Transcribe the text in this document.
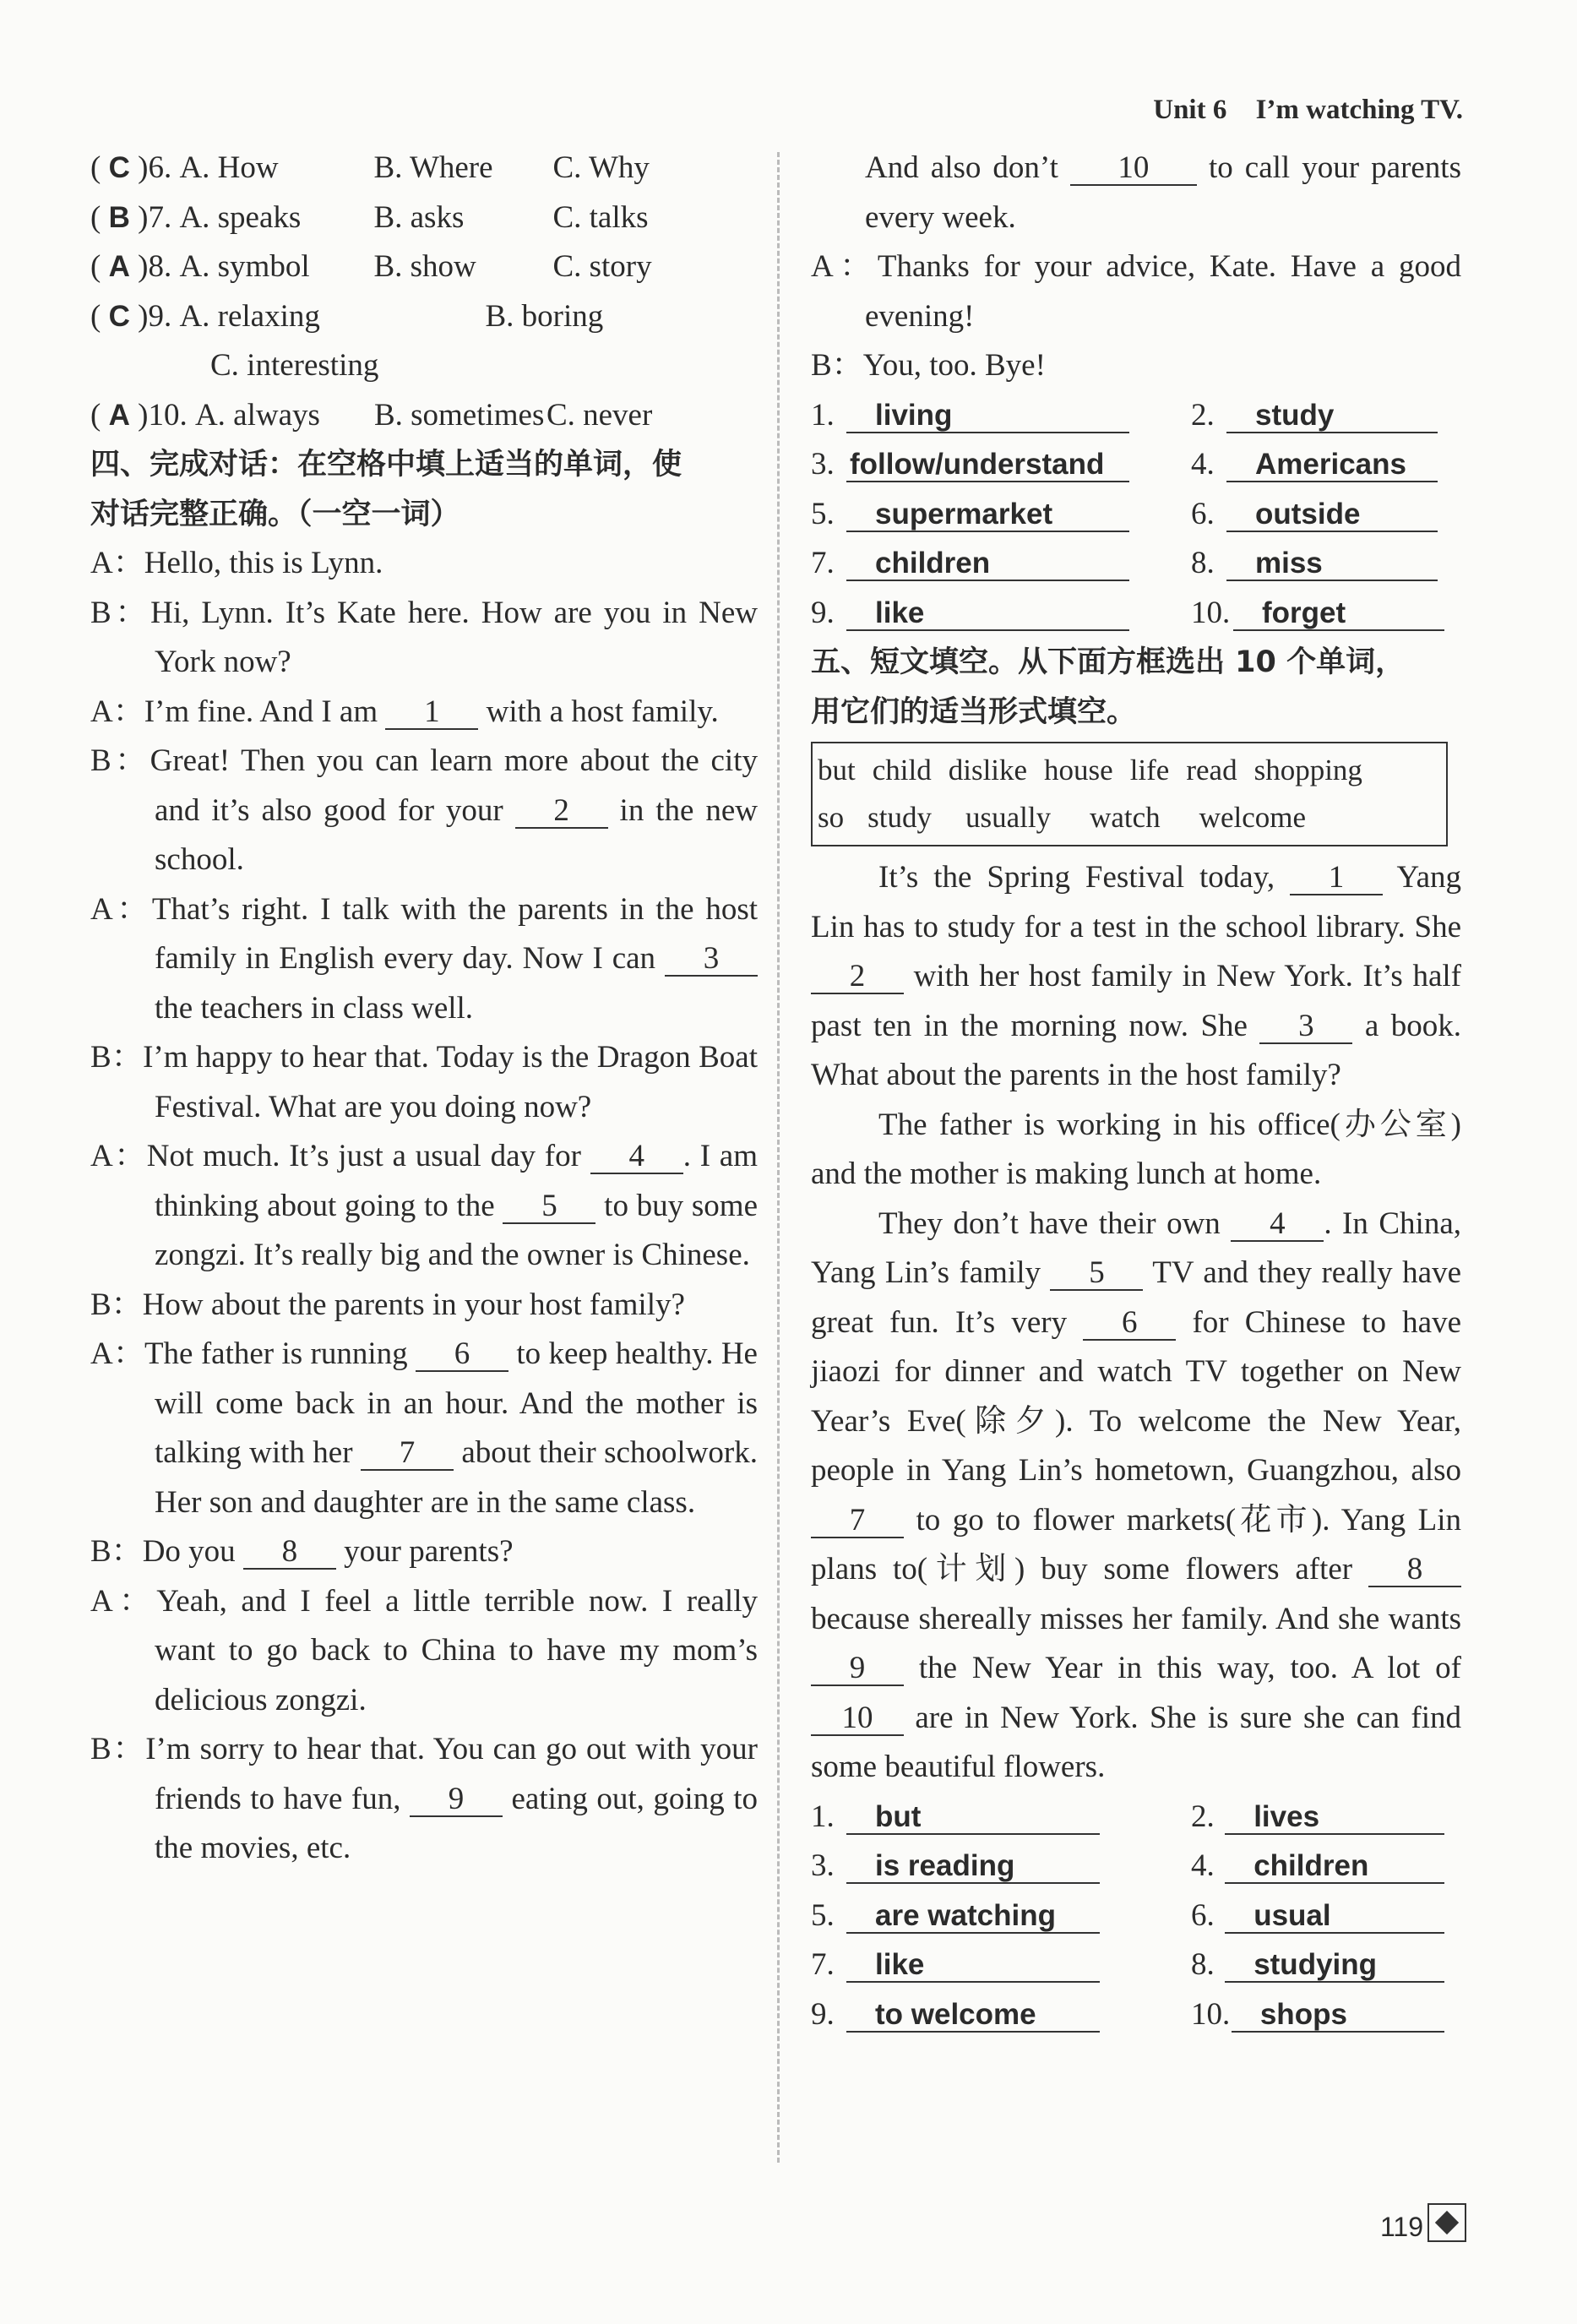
Unit 6 I’m watching TV.
( C )6. A. How	B. Where C. Why
( B )7. A. speaks B. asks	C. talks
( A )8. A. symbol B. show C. story
( C )9. A. relaxing	B. boring
C. interesting
( A )10. A. always B. sometimesC. never
四、完成对话：在空格中填上适当的单词，使
对话完整正确。（一空一词）
A：Hello, this is Lynn.
B：Hi, Lynn. It’s Kate here. How are you in New York now?
A：I’m fine. And I am 1 with a host family.
B：Great! Then you can learn more about the city and it’s also good for your 2 in the new school.
A：That’s right. I talk with the parents in the host family in English every day. Now I can 3 the teachers in class well.
B：I’m happy to hear that. Today is the Dragon Boat Festival. What are you doing now?
A：Not much. It’s just a usual day for 4 . I am thinking about going to the 5 to buy some zongzi. It’s really big and the owner is Chinese.
B：How about the parents in your host family?
A：The father is running 6 to keep healthy. He will come back in an hour. And the mother is talking with her 7 about their schoolwork. Her son and daughter are in the same class.
B：Do you 8 your parents?
A：Yeah, and I feel a little terrible now. I really want to go back to China to have my mom’s delicious zongzi.
B：I’m sorry to hear that. You can go out with your friends to have fun, 9 eating out, going to the movies, etc.
And also don’t 10 to call your parents every week.
A：Thanks for your advice, Kate. Have a good evening!
B：You, too. Bye!
1.	living	2.	study
3. follow/understand	4.	Americans
5.	supermarket	6.	outside
7.	children	8.	miss
9.	like	10.	forget
五、短文填空。从下面方框选出 10 个单词，
用它们的适当形式填空。
but child dislike house life read shopping
so study usually watch welcome
It’s the Spring Festival today, 1 Yang Lin has to study for a test in the school library. She 2 with her host family in New York. It’s half past ten in the morning now. She 3 a book. What about the parents in the host family?
The father is working in his office(办公室) and the mother is making lunch at home.
They don’t have their own 4 . In China, Yang Lin’s family 5 TV and they really have great fun. It’s very 6 for Chinese to have jiaozi for dinner and watch TV together on New Year’s Eve(除夕). To welcome the New Year, people in Yang Lin’s hometown, Guangzhou, also 7 to go to flower markets(花市). Yang Lin plans to(计划) buy some flowers after 8 because shereally misses her family. And she wants 9 the New Year in this way, too. A lot of 10 are in New York. She is sure she can find some beautiful flowers.
1.	but	2.	lives
3.	is reading	4.	children
5.	are watching	6.	usual
7.	like	8.	studying
9.	to welcome	10.	shops
119
